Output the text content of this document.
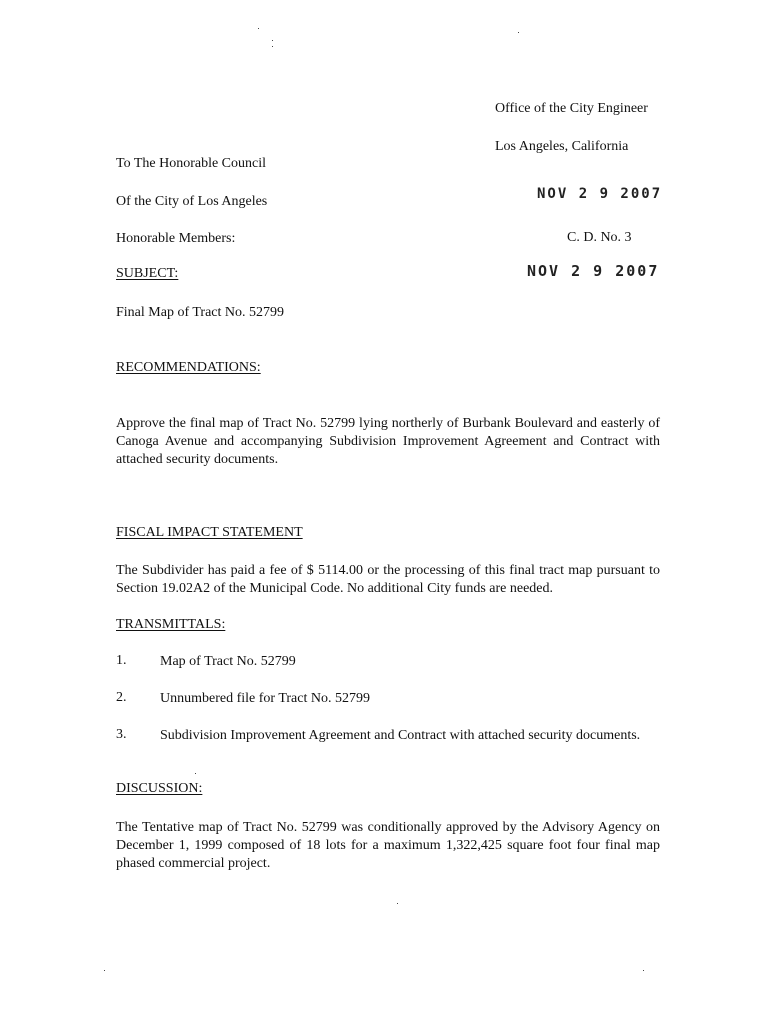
Office of the City Engineer
Los Angeles, California
NOV 2 9 2007
C. D. No. 3
NOV 2 9 2007
To The Honorable Council
Of the City of Los Angeles
Honorable Members:
SUBJECT:
Final Map of Tract No. 52799
RECOMMENDATIONS:
Approve the final map of Tract No. 52799 lying northerly of Burbank Boulevard and easterly of Canoga Avenue and accompanying Subdivision Improvement Agreement and Contract with attached security documents.
FISCAL IMPACT STATEMENT
The Subdivider has paid a fee of $ 5114.00 or the processing of this final tract map pursuant to Section 19.02A2 of the Municipal Code. No additional City funds are needed.
TRANSMITTALS:
1. Map of Tract No. 52799
2. Unnumbered file for Tract No. 52799
3. Subdivision Improvement Agreement and Contract with attached security documents.
DISCUSSION:
The Tentative map of Tract No. 52799 was conditionally approved by the Advisory Agency on December 1, 1999 composed of 18 lots for a maximum 1,322,425 square foot four final map phased commercial project.
